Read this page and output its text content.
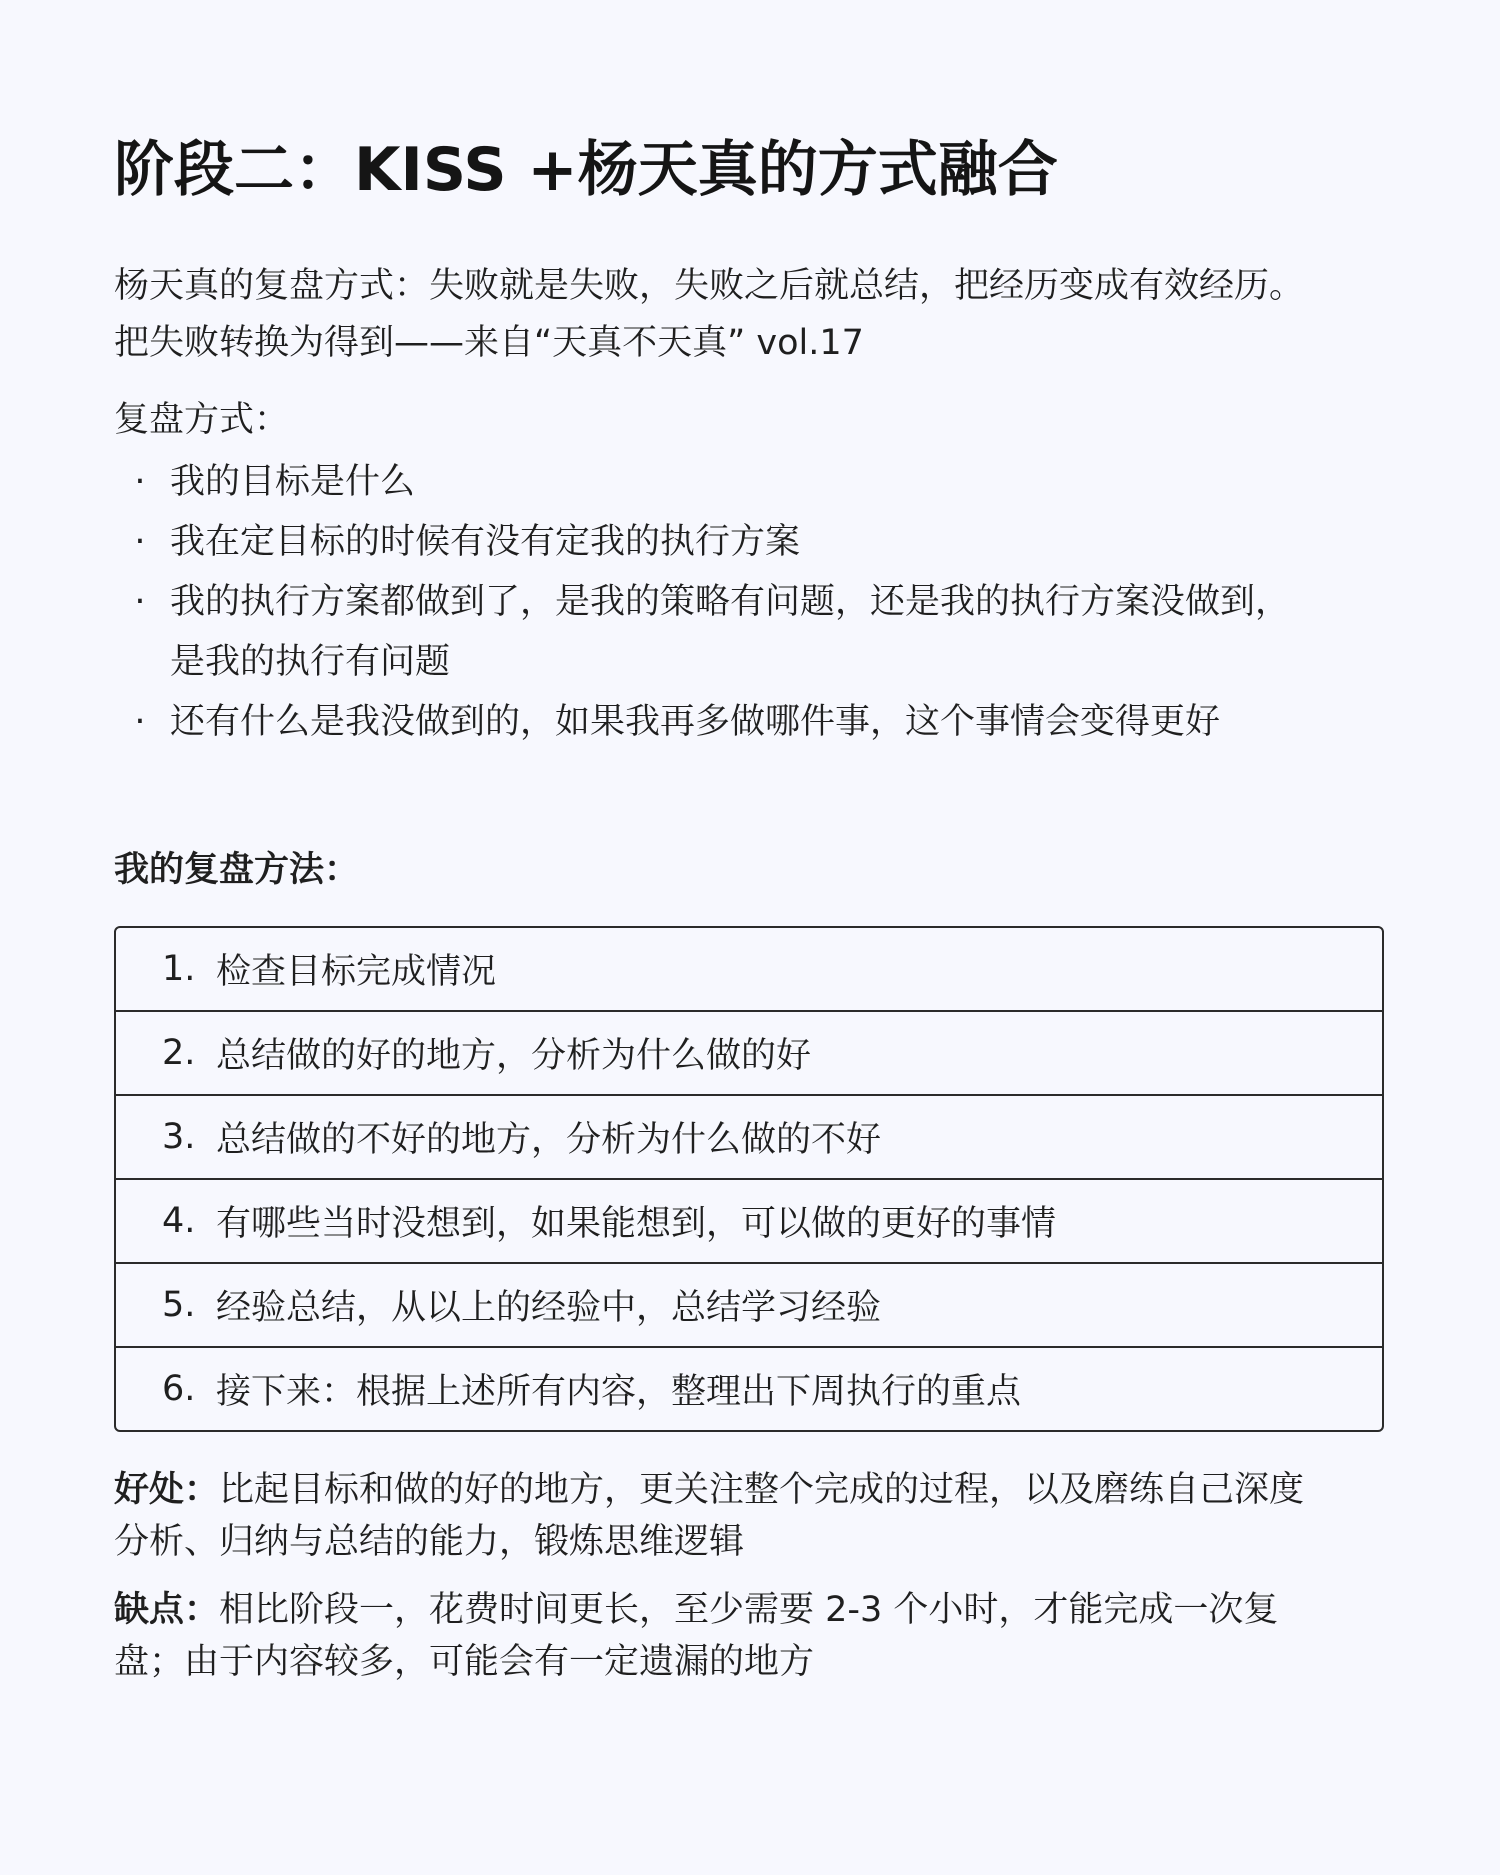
阶段二：KISS +杨天真的方式融合
杨天真的复盘方式：失败就是失败，失败之后就总结，把经历变成有效经历。
把失败转换为得到——来自“天真不天真” vol.17
复盘方式：
· 我的目标是什么
· 我在定目标的时候有没有定我的执行方案
· 我的执行方案都做到了，是我的策略有问题，还是我的执行方案没做到，
是我的执行有问题
· 还有什么是我没做到的，如果我再多做哪件事，这个事情会变得更好
我的复盘方法：
1. 检查目标完成情况
2. 总结做的好的地方，分析为什么做的好
3. 总结做的不好的地方，分析为什么做的不好
4. 有哪些当时没想到，如果能想到，可以做的更好的事情
5. 经验总结，从以上的经验中，总结学习经验
6. 接下来：根据上述所有内容，整理出下周执行的重点
好处：比起目标和做的好的地方，更关注整个完成的过程，以及磨练自己深度
分析、归纳与总结的能力，锻炼思维逻辑
缺点：相比阶段一，花费时间更长，至少需要 2-3 个小时，才能完成一次复
盘；由于内容较多，可能会有一定遗漏的地方
